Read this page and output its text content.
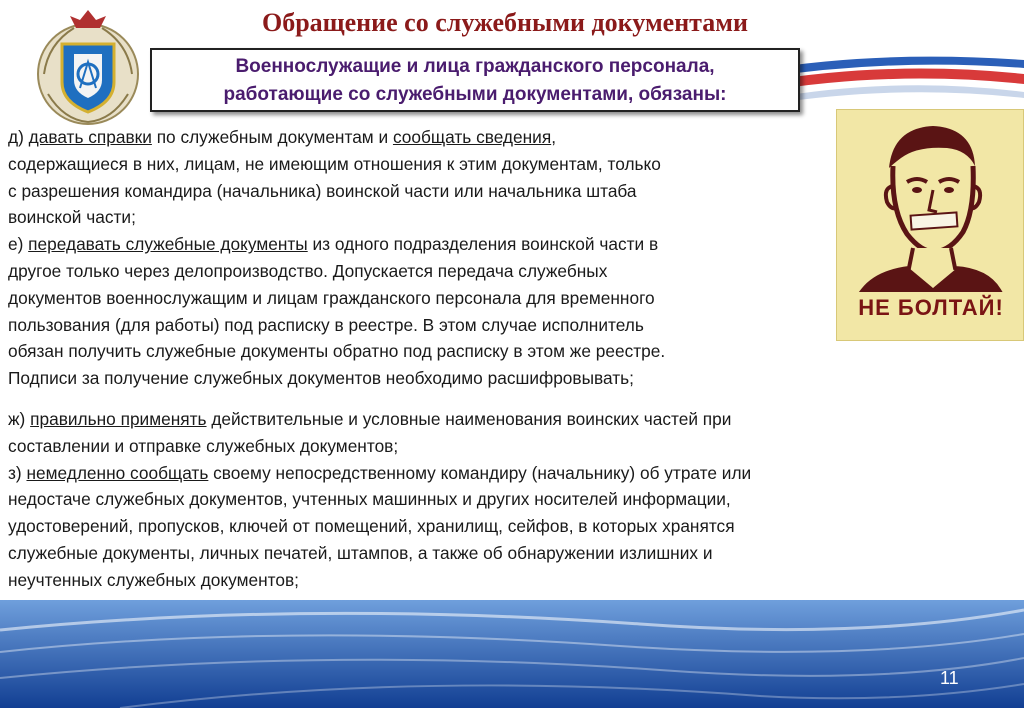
Обращение со служебными документами
Военнослужащие и лица гражданского персонала,
работающие со служебными документами, обязаны:
НЕ БОЛТАЙ!

д) давать справки по служебным документам и сообщать сведения,

содержащиеся в них, лицам, не имеющим отношения к этим документам, только

с разрешения командира (начальника) воинской части или начальника штаба

воинской части;

е) передавать служебные документы из одного подразделения воинской части в

другое только через делопроизводство. Допускается передача служебных

документов военнослужащим и лицам гражданского персонала для временного

пользования (для работы) под расписку в реестре. В этом случае исполнитель

обязан получить служебные документы обратно под расписку в этом же реестре.

Подписи за получение служебных документов необходимо расшифровывать;

ж) правильно применять действительные и условные наименования воинских частей при

составлении и отправке служебных документов;

з) немедленно сообщать своему непосредственному командиру (начальнику) об утрате или

недостаче служебных документов, учтенных машинных и других носителей информации,

удостоверений, пропусков, ключей от помещений, хранилищ, сейфов, в которых хранятся

служебные документы, личных печатей, штампов, а также об обнаружении излишних и

неучтенных служебных документов;

11
